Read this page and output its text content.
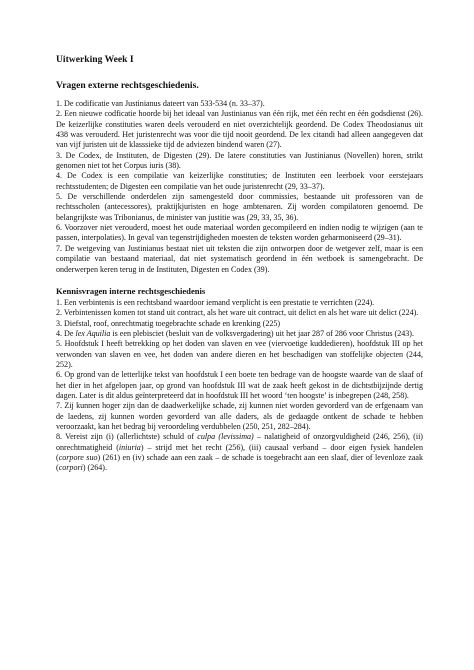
Uitwerking Week I
Vragen externe rechtsgeschiedenis.

1. De codificatie van Justinianus dateert van 533-534 (n. 33–37).

2. Een nieuwe codficatie hoorde bij het ideaal van Justinianus van één rijk, met één recht en één godsdienst (26). De keizerlijke constituties waren deels verouderd en niet overzichtelijk geordend. De Codex Theodosianus uit 438 was verouderd. Het juristenrecht was voor die tijd nooit geordend. De lex citandi had alleen aangegeven dat van vijf juristen uit de klasssieke tijd de adviezen bindend waren (27).

3. De Codex, de Instituten, de Digesten (29). De latere constituties van Justinianus (Novellen) horen, strikt genomen niet tot het Corpus iuris (38).

4. De Codex is een compilatie van keizerlijke constituties; de Instituten een leerboek voor eerstejaars rechtsstudenten; de Digesten een compilatie van het oude juristenrecht (29, 33–37).

5. De verschillende onderdelen zijn samengesteld door commissies, bestaande uit professoren van de rechtsscholen (antecessores), praktijkjuristen en hoge ambtenaren. Zij worden compilatoren genoemd. De belangrijkste was Tribonianus, de minister van justitie was (29, 33, 35, 36).

6. Voorzover niet verouderd, moest het oude materiaal worden gecompileerd en indien nodig te wijzigen (aan te passen, interpolaties). In geval van tegenstrijdigheden moesten de teksten worden geharmoniseerd (29–31).

7. De wetgeving van Justinianus bestaat niet uit teksten die zijn ontworpen door de wetgever zelf, maar is een compilatie van bestaand materiaal, dat niet systematisch geordend in één wetboek is samengebracht. De onderwerpen keren terug in de Instituten, Digesten en Codex (39).

Kennisvragen interne rechtsgeschiedenis

1. Een verbintenis is een rechtsband waardoor iemand verplicht is een prestatie te verrichten (224).

2. Verbintenissen komen tot stand uit contract, als het ware uit contract, uit delict en als het ware uit delict (224).

3. Diefstal, roof, onrechtmatig toegebrachte schade en krenking (225)

4. De lex Aquilia is een plebisciet (besluit van de volksvergadering) uit het jaar 287 of 286 voor Christus (243).

5. Hoofdstuk I heeft betrekking op het doden van slaven en vee (viervoetige kuddedieren), hoofdstuk III op het verwonden van slaven en vee, het doden van andere dieren en het beschadigen van stoffelijke objecten (244, 252).

6. Op grond van de letterlijke tekst van hoofdstuk I een boete ten bedrage van de hoogste waarde van de slaaf of het dier in het afgelopen jaar, op grond van hoofdstuk III wat de zaak heeft gekost in de dichtstbijzijnde dertig dagen. Later is dit aldus geïnterpreteerd dat in hoofdstuk III het woord ‘ten hoogste’ is inbegrepen (248, 258).

7. Zij kunnen hoger zijn dan de daadwerkelijke schade, zij kunnen niet worden gevorderd van de erfgenaam van de laedens, zij kunnen worden gevorderd van alle daders, als de gedaagde ontkent de schade te hebben veroorzaakt, kan het bedrag bij veroordeling verdubbelen (250, 251, 282–284).

8. Vereist zijn (i) (allerlichtste) schuld of culpa (levissima) – nalatigheid of onzorgvuldigheid (246, 256), (ii) onrechtmatigheid (iniuria) – strijd met het recht (256), (iii) causaal verband – door eigen fysiek handelen (corpore suo) (261) en (iv) schade aan een zaak – de schade is toegebracht aan een slaaf, dier of levenloze zaak (corpori) (264).
